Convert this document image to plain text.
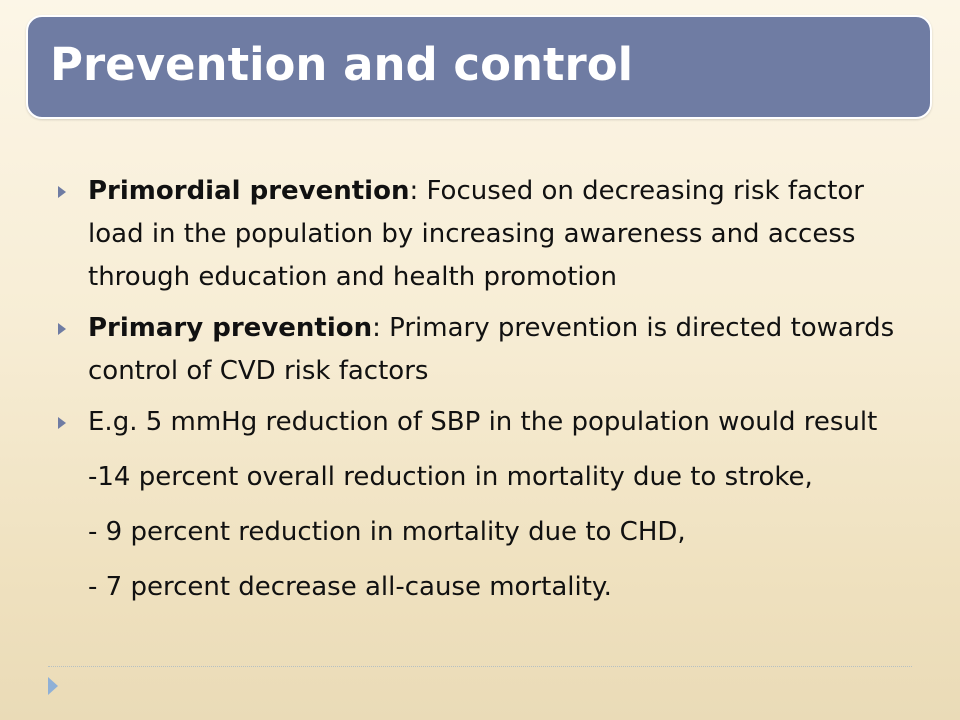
Prevention and control
Primordial prevention: Focused on decreasing risk factor load in the population by increasing awareness and access through education and health promotion
Primary prevention: Primary prevention is directed towards control of CVD risk factors
E.g. 5 mmHg reduction of SBP in the population would result
-14 percent overall reduction in mortality due to stroke,
- 9 percent reduction in mortality due to CHD,
- 7 percent decrease all-cause mortality.
